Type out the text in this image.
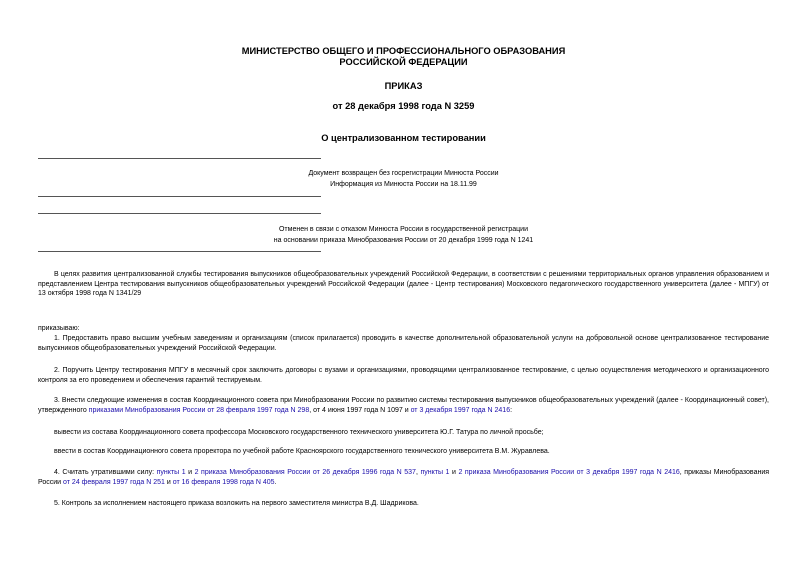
МИНИСТЕРСТВО ОБЩЕГО И ПРОФЕССИОНАЛЬНОГО ОБРАЗОВАНИЯ
РОССИЙСКОЙ ФЕДЕРАЦИИ
ПРИКАЗ
от 28 декабря 1998 года N 3259
О централизованном тестировании
Документ возвращен без госрегистрации Минюста России
Информация из Минюста России на 18.11.99
Отменен в связи с отказом Минюста России в государственной регистрации
на основании приказа Минобразования России от 20 декабря 1999 года N 1241
В целях развития централизованной службы тестирования выпускников общеобразовательных учреждений Российской Федерации, в соответствии с решениями территориальных органов управления образованием и представлением Центра тестирования выпускников общеобразовательных учреждений Российской Федерации (далее - Центр тестирования) Московского педагогического государственного университета (далее - МПГУ) от 13 октября 1998 года N 1341/29
приказываю:
1. Предоставить право высшим учебным заведениям и организациям (список прилагается) проводить в качестве дополнительной образовательной услуги на добровольной основе централизованное тестирование выпускников общеобразовательных учреждений Российской Федерации.
2. Поручить Центру тестирования МПГУ в месячный срок заключить договоры с вузами и организациями, проводящими централизованное тестирование, с целью осуществления методического и организационного контроля за его проведением и обеспечения гарантий тестируемым.
3. Внести следующие изменения в состав Координационного совета при Минобразовании России по развитию системы тестирования выпускников общеобразовательных учреждений (далее - Координационный совет), утвержденного приказами Минобразования России от 28 февраля 1997 года N 298, от 4 июня 1997 года N 1097 и от 3 декабря 1997 года N 2416:
вывести из состава Координационного совета профессора Московского государственного технического университета Ю.Г. Татура по личной просьбе;
ввести в состав Координационного совета проректора по учебной работе Красноярского государственного технического университета В.М. Журавлева.
4. Считать утратившими силу: пункты 1 и 2 приказа Минобразования России от 26 декабря 1996 года N 537, пункты 1 и 2 приказа Минобразования России от 3 декабря 1997 года N 2416, приказы Минобразования России от 24 февраля 1997 года N 251 и от 16 февраля 1998 года N 405.
5. Контроль за исполнением настоящего приказа возложить на первого заместителя министра В.Д. Шадрикова.
